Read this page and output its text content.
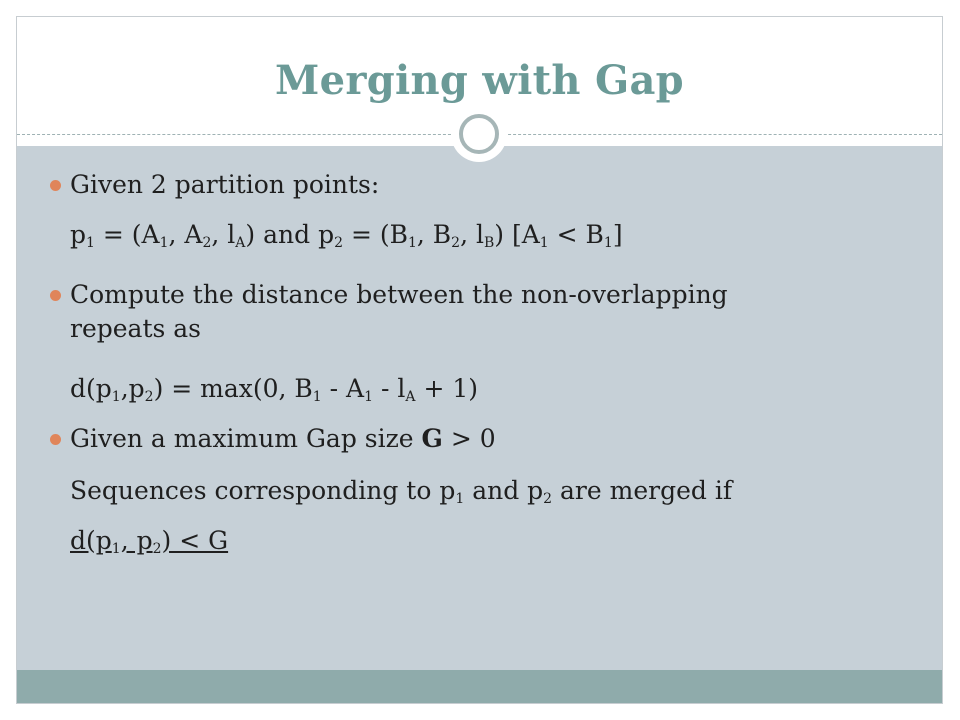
Merging with Gap
Given 2 partition points:
$p_1 = (A_1$, $A_2$, $l_A$) and $p_2 = (B_1$, $B_2$, $l_B$) $[A_1 < B_1]$
Compute the distance between the non-overlapping
repeats as
$d(p_1,p_2) = \max(0$, $B_1 - A_1 - l_A + 1$)
Given a maximum Gap size G > 0
Sequences corresponding to $p_1$ and $p_2$ are merged if
$d(p_1$, $p_2) < G$
